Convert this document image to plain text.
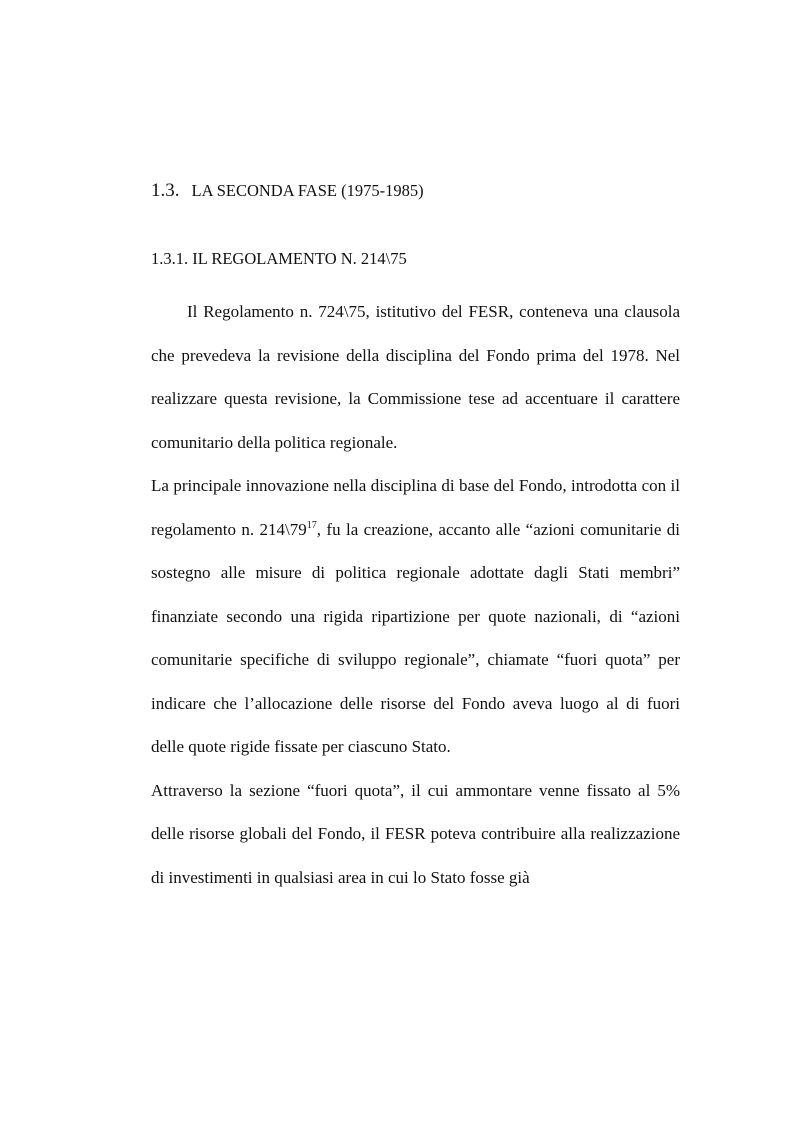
1.3. LA SECONDA FASE (1975-1985)
1.3.1. IL REGOLAMENTO N. 214\75

Il Regolamento n. 724\75, istitutivo del FESR, conteneva una clausola che prevedeva la revisione della disciplina del Fondo prima del 1978. Nel realizzare questa revisione, la Commissione tese ad accentuare il carattere comunitario della politica regionale.

La principale innovazione nella disciplina di base del Fondo, introdotta con il regolamento n. $214\backslash 79^{17}$, fu la creazione, accanto alle “azioni comunitarie di sostegno alle misure di politica regionale adottate dagli Stati membri” finanziate secondo una rigida ripartizione per quote nazionali, di “azioni comunitarie specifiche di sviluppo regionale”, chiamate “fuori quota” per indicare che l’allocazione delle risorse del Fondo aveva luogo al di fuori delle quote rigide fissate per ciascuno Stato.

Attraverso la sezione “fuori quota”, il cui ammontare venne fissato al 5% delle risorse globali del Fondo, il FESR poteva contribuire alla realizzazione di investimenti in qualsiasi area in cui lo Stato fosse già
